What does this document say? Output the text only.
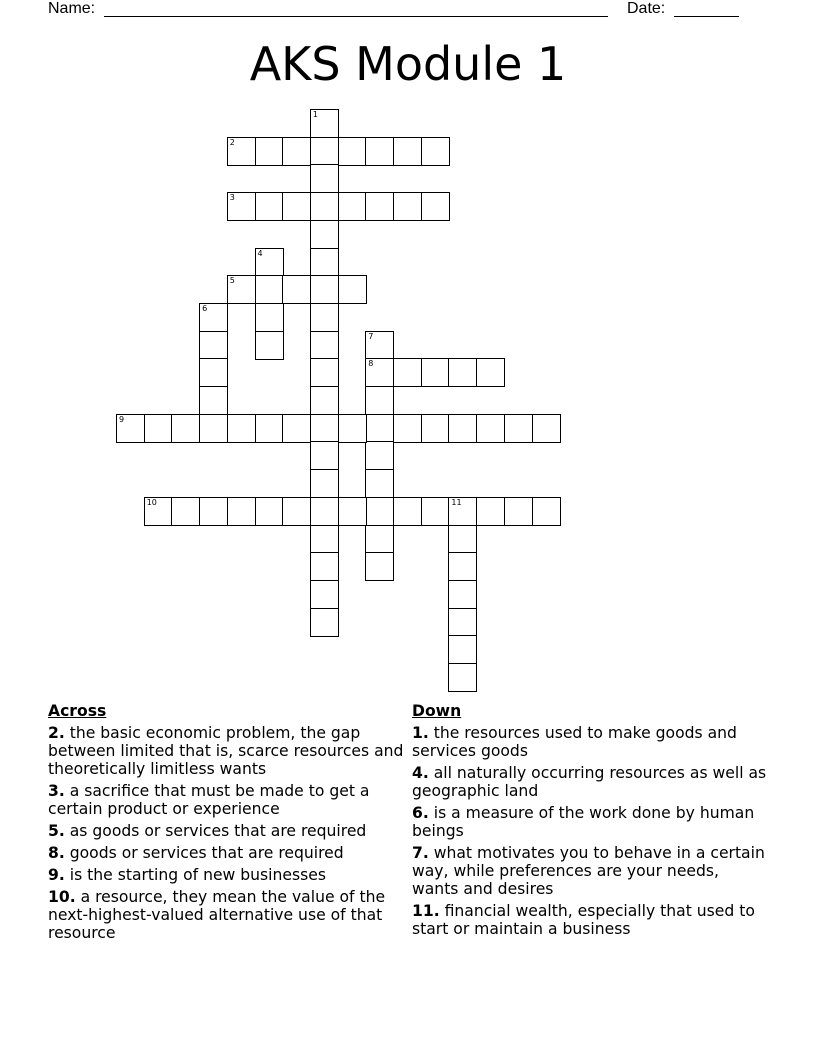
Name:	Date:
AKS Module 1
1
2
3
4
5
6
7
8
9
10	11
Across
2. the basic economic problem, the gap between limited that is, scarce resources and theoretically limitless wants
3. a sacrifice that must be made to get a certain product or experience
5. as goods or services that are required
8. goods or services that are required
9. is the starting of new businesses
10. a resource, they mean the value of the next-highest-valued alternative use of that resource
Down
1. the resources used to make goods and services goods
4. all naturally occurring resources as well as geographic land
6. is a measure of the work done by human beings
7. what motivates you to behave in a certain way, while preferences are your needs, wants and desires
11. financial wealth, especially that used to start or maintain a business
